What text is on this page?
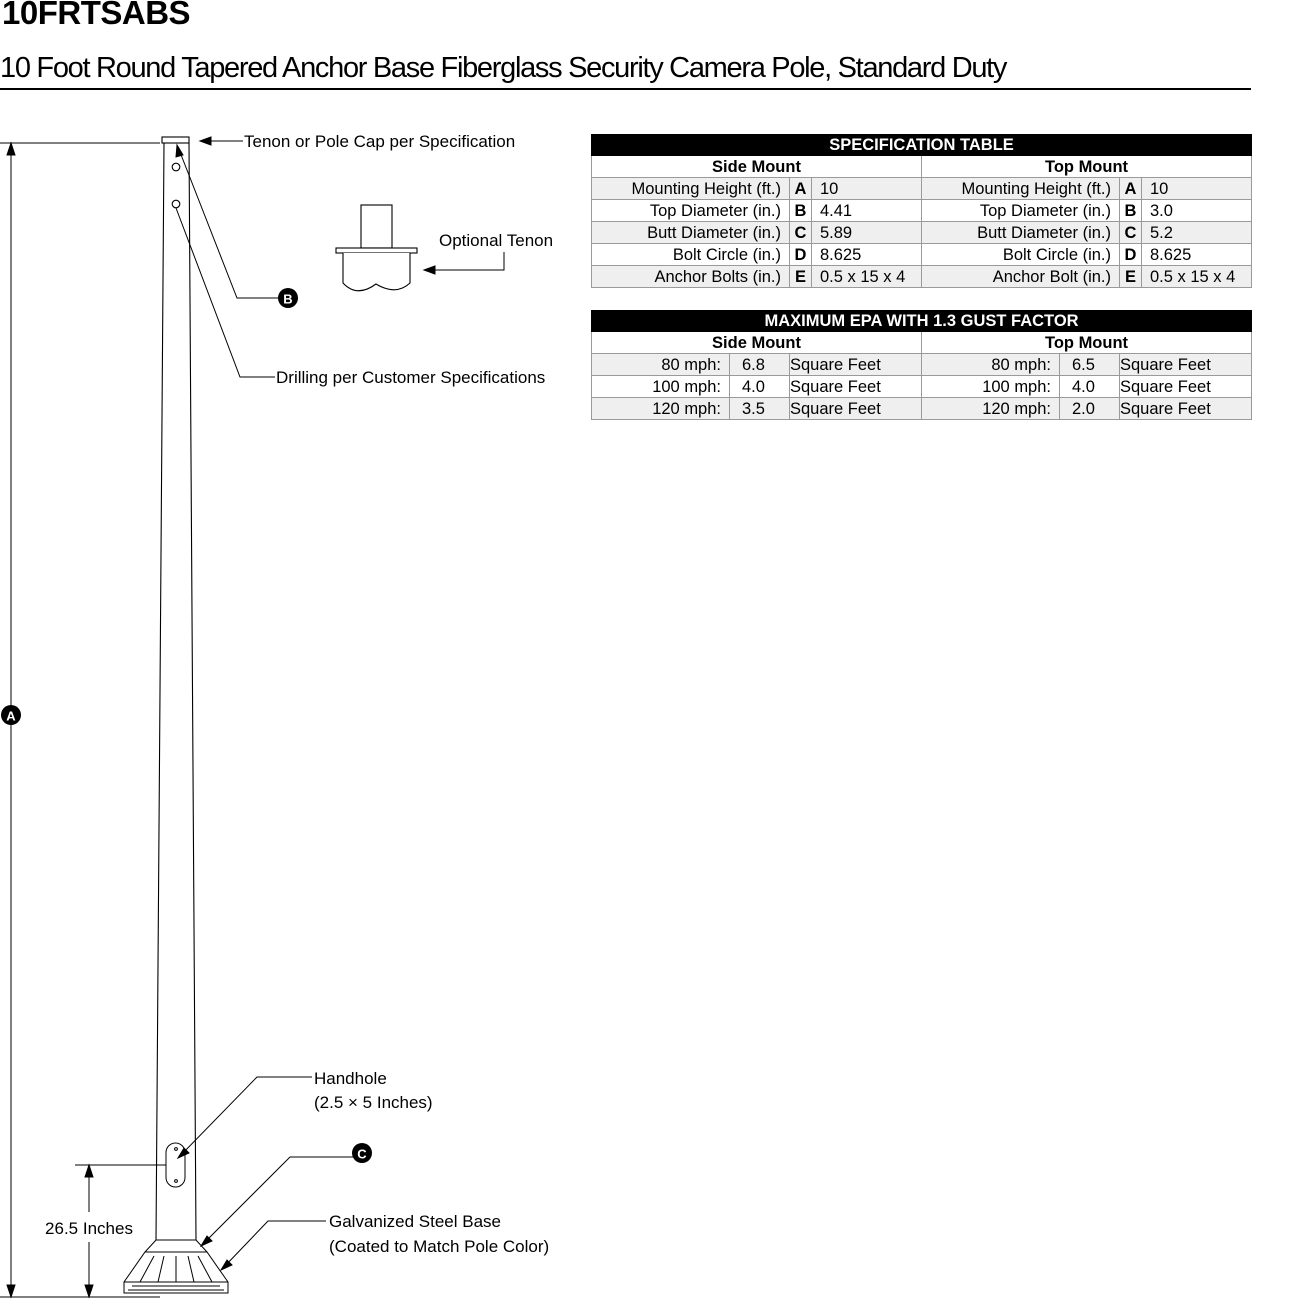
10FRTSABS
10 Foot Round Tapered Anchor Base Fiberglass Security Camera Pole, Standard Duty
A
26.5 Inches
Tenon or Pole Cap per Specification
B
Drilling per Customer Specifications
Optional Tenon
Handhole
(2.5 × 5 Inches)
C
Galvanized Steel Base
(Coated to Match Pole Color)
SPECIFICATION TABLE					
Side Mount			Top Mount		
Mounting Height (ft.)	A	10	Mounting Height (ft.)	A	10
Top Diameter (in.)	B	4.41	Top Diameter (in.)	B	3.0
Butt Diameter (in.)	C	5.89	Butt Diameter (in.)	C	5.2
Bolt Circle (in.)	D	8.625	Bolt Circle (in.)	D	8.625
Anchor Bolts (in.)	E	0.5 x 15 x 4	Anchor Bolt (in.)	E	0.5 x 15 x 4
MAXIMUM EPA WITH 1.3 GUST FACTOR					
Side Mount			Top Mount		
80 mph:	6.8	Square Feet	80 mph:	6.5	Square Feet
100 mph:	4.0	Square Feet	100 mph:	4.0	Square Feet
120 mph:	3.5	Square Feet	120 mph:	2.0	Square Feet
